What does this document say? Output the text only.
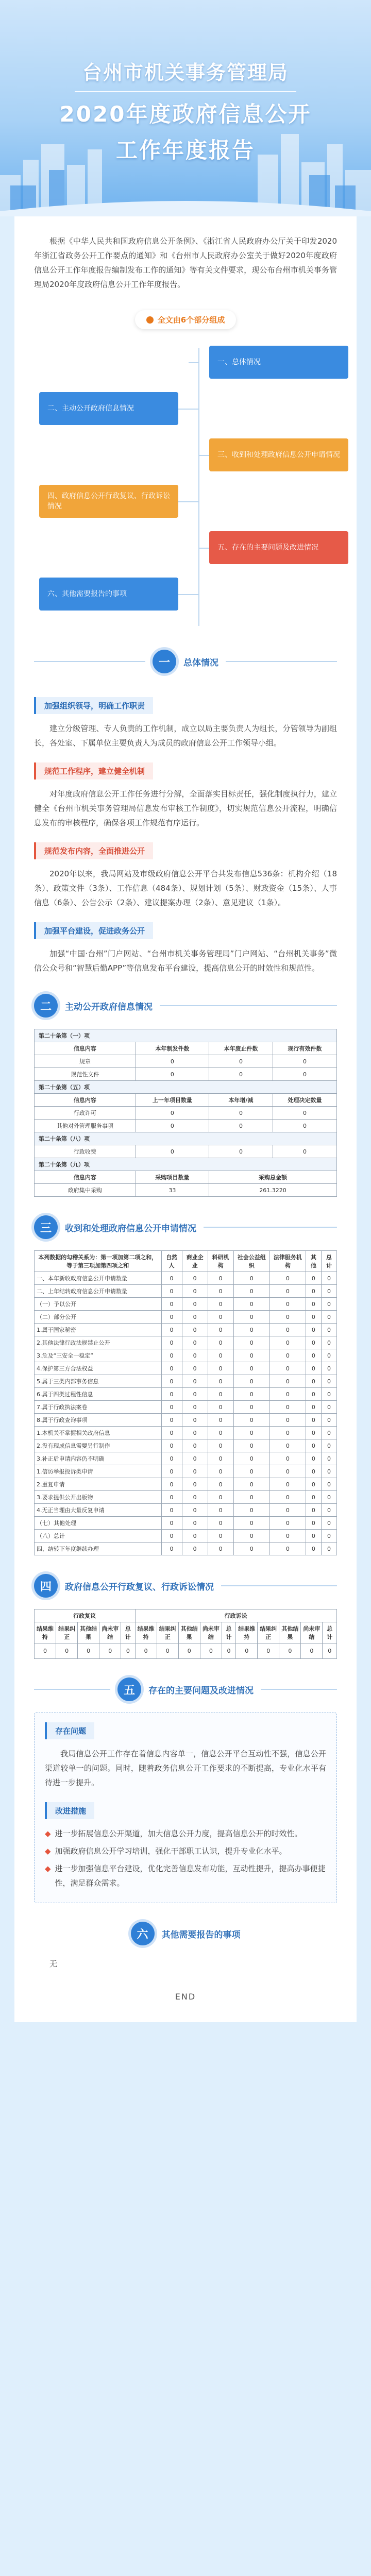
台州市机关事务管理局
2020年度政府信息公开
工作年度报告

根据《中华人民共和国政府信息公开条例》、《浙江省人民政府办公厅关于印发2020年浙江省政务公开工作要点的通知》和《台州市人民政府办公室关于做好2020年度政府信息公开工作年度报告编制发布工作的通知》等有关文件要求，现公布台州市机关事务管理局2020年度政府信息公开工作年度报告。

全文由6个部分组成
一、总体情况
二、主动公开政府信息情况
三、收到和处理政府信息公开申请情况
四、政府信息公开行政复议、行政诉讼情况
五、存在的主要问题及改进情况
六、其他需要报告的事项
一	总体情况
加强组织领导，明确工作职责

建立分级管理、专人负责的工作机制，成立以局主要负责人为组长，分管领导为副组长，各处室、下属单位主要负责人为成员的政府信息公开工作领导小组。

规范工作程序，建立健全机制

对年度政府信息公开工作任务进行分解，全面落实目标责任，强化制度执行力，建立健全《台州市机关事务管理局信息发布审核工作制度》，切实规范信息公开流程，明确信息发布的审核程序，确保各项工作规范有序运行。

规范发布内容，全面推进公开

2020年以来，我局网站及市级政府信息公开平台共发布信息536条：机构介绍（18条）、政策文件（3条）、工作信息（484条）、规划计划（5条）、财政资金（15条）、人事信息（6条）、公告公示（2条）、建议提案办理（2条）、意见建议（1条）。

加强平台建设，促进政务公开

加强“中国·台州”门户网站、“台州市机关事务管理局”门户网站、“台州机关事务”微信公众号和“智慧后勤APP”等信息发布平台建设，提高信息公开的时效性和规范性。

二	主动公开政府信息情况
第二十条第（一）项			
信息内容	本年制发件数	本年废止件数	现行有效件数
规章	0	0	0
规范性文件	0	0	0
第二十条第（五）项			
信息内容	上一年项目数量	本年增/减	处理决定数量
行政许可	0	0	0
其他对外管理服务事项	0	0	0
第二十条第（八）项			
行政收费	0	0	0
第二十条第（九）项			
信息内容	采购项目数量	采购总金额	
政府集中采购	33	261.3220	
三	收到和处理政府信息公开申请情况
本列数据的勾稽关系为：第一项加第二项之和，等于第三项加第四项之和	自然人	商业企业	科研机构	社会公益组织	法律服务机构	其他	总计
一、本年新收政府信息公开申请数量	0	0	0	0	0	0	0
二、上年结转政府信息公开申请数量	0	0	0	0	0	0	0
（一）予以公开	0	0	0	0	0	0	0
（二）部分公开	0	0	0	0	0	0	0
1.属于国家秘密	0	0	0	0	0	0	0
2.其他法律行政法规禁止公开	0	0	0	0	0	0	0
3.危及“三安全一稳定”	0	0	0	0	0	0	0
4.保护第三方合法权益	0	0	0	0	0	0	0
5.属于三类内部事务信息	0	0	0	0	0	0	0
6.属于四类过程性信息	0	0	0	0	0	0	0
7.属于行政执法案卷	0	0	0	0	0	0	0
8.属于行政查询事项	0	0	0	0	0	0	0
1.本机关不掌握相关政府信息	0	0	0	0	0	0	0
2.没有现成信息需要另行制作	0	0	0	0	0	0	0
3.补正后申请内容仍不明确	0	0	0	0	0	0	0
1.信访举报投诉类申请	0	0	0	0	0	0	0
2.重复申请	0	0	0	0	0	0	0
3.要求提供公开出版物	0	0	0	0	0	0	0
4.无正当理由大量反复申请	0	0	0	0	0	0	0
（七）其他处理	0	0	0	0	0	0	0
（八）总计	0	0	0	0	0	0	0
四、结转下年度继续办理	0	0	0	0	0	0	0
四	政府信息公开行政复议、行政诉讼情况
行政复议					行政诉讼									
结果维持	结果纠正	其他结果	尚未审结	总计	结果维持	结果纠正	其他结果	尚未审结	总计	结果维持	结果纠正	其他结果	尚未审结	总计
0	0	0	0	0	0	0	0	0	0	0	0	0	0	0
五	存在的主要问题及改进情况
存在问题

我局信息公开工作存在着信息内容单一，信息公开平台互动性不强，信息公开渠道较单一的问题。同时，随着政务信息公开工作要求的不断提高，专业化水平有待进一步提升。

改进措施
◆ 进一步拓展信息公开渠道，加大信息公开力度，提高信息公开的时效性。
◆ 加强政府信息公开学习培训，强化干部职工认识，提升专业化水平。
◆ 进一步加强信息平台建设，优化完善信息发布功能，互动性提升，提高办事便捷性，满足群众需求。
六	其他需要报告的事项

无

END
